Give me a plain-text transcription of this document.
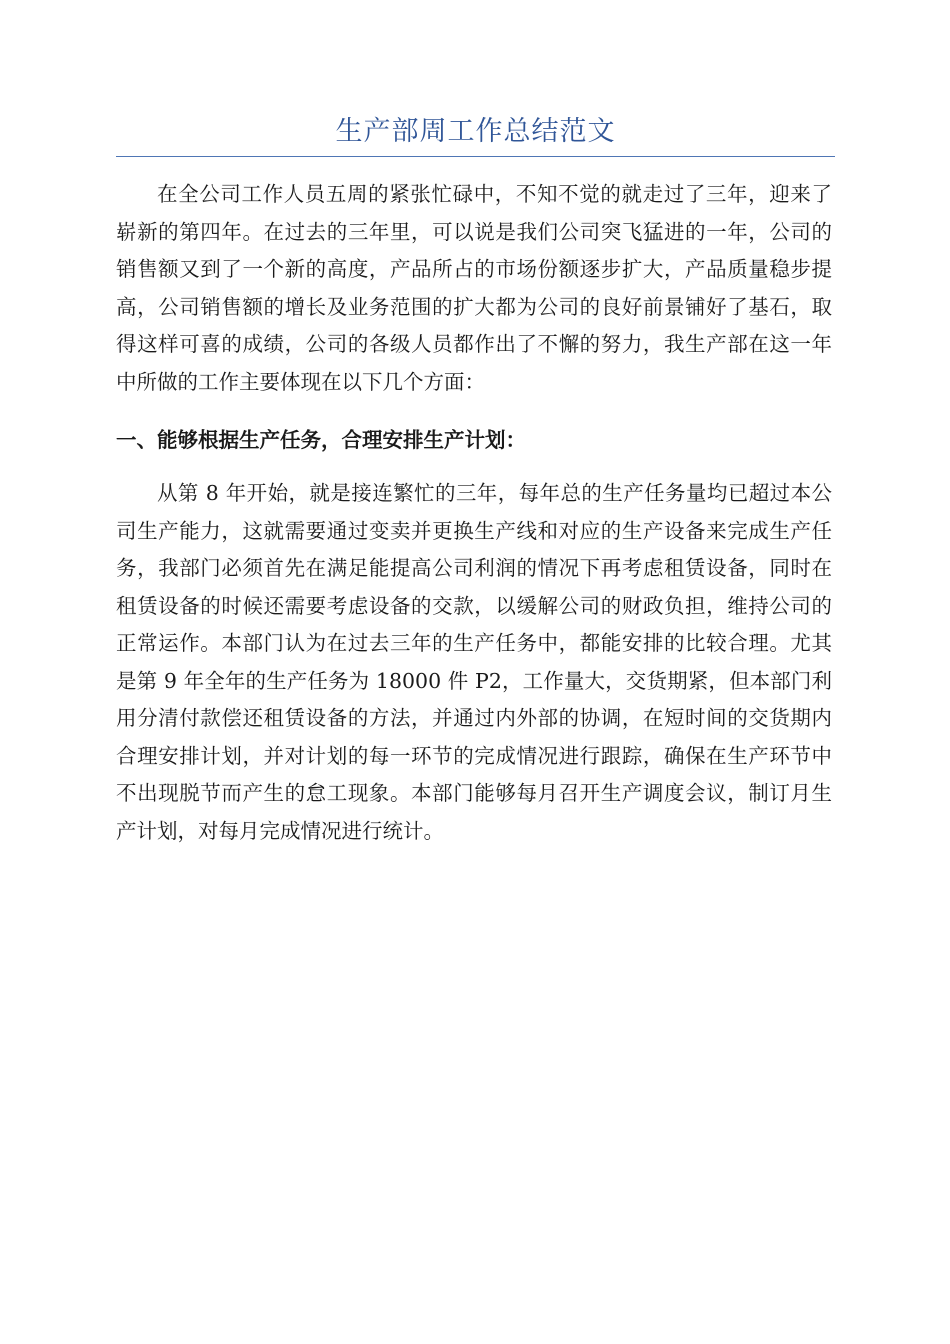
生产部周工作总结范文

在全公司工作人员五周的紧张忙碌中，不知不觉的就走过了三年，迎来了崭新的第四年。在过去的三年里，可以说是我们公司突飞猛进的一年，公司的销售额又到了一个新的高度，产品所占的市场份额逐步扩大，产品质量稳步提高，公司销售额的增长及业务范围的扩大都为公司的良好前景铺好了基石，取得这样可喜的成绩，公司的各级人员都作出了不懈的努力，我生产部在这一年中所做的工作主要体现在以下几个方面：

一、能够根据生产任务，合理安排生产计划：

从第 8 年开始，就是接连繁忙的三年，每年总的生产任务量均已超过本公司生产能力，这就需要通过变卖并更换生产线和对应的生产设备来完成生产任务，我部门必须首先在满足能提高公司利润的情况下再考虑租赁设备，同时在租赁设备的时候还需要考虑设备的交款，以缓解公司的财政负担，维持公司的正常运作。本部门认为在过去三年的生产任务中，都能安排的比较合理。尤其是第 9 年全年的生产任务为 18000 件 P2，工作量大，交货期紧，但本部门利用分清付款偿还租赁设备的方法，并通过内外部的协调，在短时间的交货期内合理安排计划，并对计划的每一环节的完成情况进行跟踪，确保在生产环节中不出现脱节而产生的怠工现象。本部门能够每月召开生产调度会议，制订月生产计划，对每月完成情况进行统计。
